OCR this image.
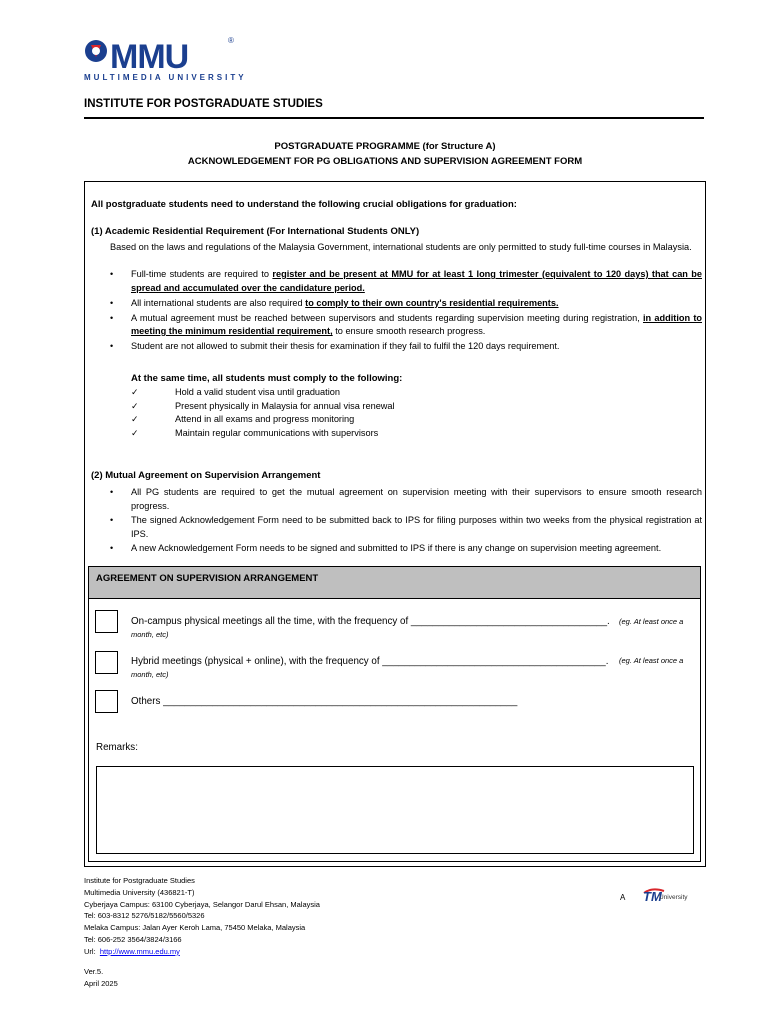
MMU	®
MULTIMEDIA UNIVERSITY
INSTITUTE FOR POSTGRADUATE STUDIES
POSTGRADUATE PROGRAMME (for Structure A)
ACKNOWLEDGEMENT FOR PG OBLIGATIONS AND SUPERVISION AGREEMENT FORM
All postgraduate students need to understand the following crucial obligations for graduation:
(1) Academic Residential Requirement (For International Students ONLY)
Based on the laws and regulations of the Malaysia Government, international students are only permitted to study full-time courses in Malaysia.
• Full-time students are required to register and be present at MMU for at least 1 long trimester (equivalent to 120 days) that can be spread and accumulated over the candidature period.
• All international students are also required to comply to their own country's residential requirements.
• A mutual agreement must be reached between supervisors and students regarding supervision meeting during registration, in addition to meeting the minimum residential requirement, to ensure smooth research progress.
• Student are not allowed to submit their thesis for examination if they fail to fulfil the 120 days requirement.
At the same time, all students must comply to the following:
✓	Hold a valid student visa until graduation
✓	Present physically in Malaysia for annual visa renewal
✓	Attend in all exams and progress monitoring
✓	Maintain regular communications with supervisors
(2) Mutual Agreement on Supervision Arrangement
• All PG students are required to get the mutual agreement on supervision meeting with their supervisors to ensure smooth research progress.
• The signed Acknowledgement Form need to be submitted back to IPS for filing purposes within two weeks from the physical registration at IPS.
• A new Acknowledgement Form needs to be signed and submitted to IPS if there is any change on supervision meeting agreement.
AGREEMENT ON SUPERVISION ARRANGEMENT
On-campus physical meetings all the time, with the frequency of ____________________________________. (eg. At least once a
month, etc)
Hybrid meetings (physical + online), with the frequency of _________________________________________. (eg. At least once a
month, etc)
Others _________________________________________________________________
Remarks:
Institute for Postgraduate Studies
Multimedia University (436821-T)
Cyberjaya Campus: 63100 Cyberjaya, Selangor Darul Ehsan, Malaysia
Tel: 603-8312 5276/5182/5560/5326
Melaka Campus: Jalan Ayer Keroh Lama, 75450 Melaka, Malaysia
Tel: 606-252 3564/3824/3166
Url: http://www.mmu.edu.my
Ver.5.
April 2025
A TM
University
